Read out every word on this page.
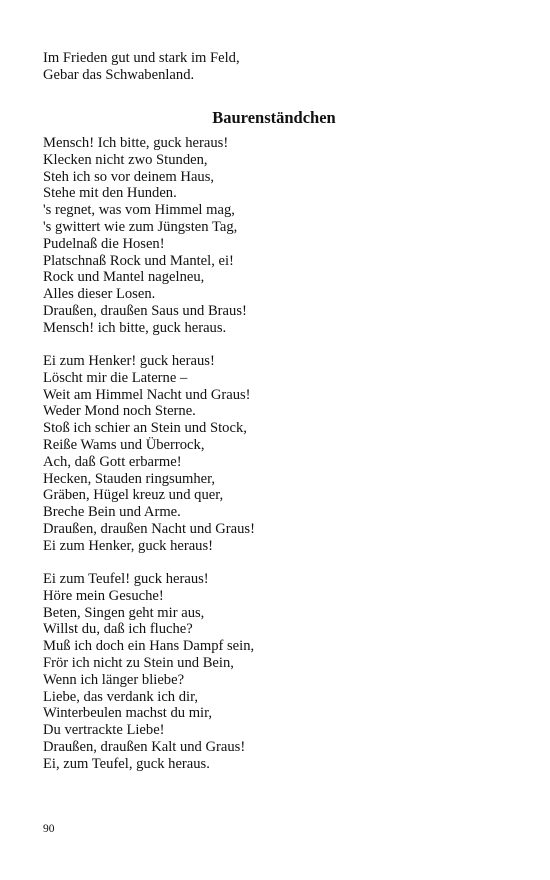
Im Frieden gut und stark im Feld,
Gebar das Schwabenland.
Baurenständchen
Mensch! Ich bitte, guck heraus!
Klecken nicht zwo Stunden,
Steh ich so vor deinem Haus,
Stehe mit den Hunden.
's regnet, was vom Himmel mag,
's gwittert wie zum Jüngsten Tag,
Pudelnaß die Hosen!
Platschnaß Rock und Mantel, ei!
Rock und Mantel nagelneu,
Alles dieser Losen.
Draußen, draußen Saus und Braus!
Mensch! ich bitte, guck heraus.
Ei zum Henker! guck heraus!
Löscht mir die Laterne –
Weit am Himmel Nacht und Graus!
Weder Mond noch Sterne.
Stoß ich schier an Stein und Stock,
Reiße Wams und Überrock,
Ach, daß Gott erbarme!
Hecken, Stauden ringsumher,
Gräben, Hügel kreuz und quer,
Breche Bein und Arme.
Draußen, draußen Nacht und Graus!
Ei zum Henker, guck heraus!
Ei zum Teufel! guck heraus!
Höre mein Gesuche!
Beten, Singen geht mir aus,
Willst du, daß ich fluche?
Muß ich doch ein Hans Dampf sein,
Frör ich nicht zu Stein und Bein,
Wenn ich länger bliebe?
Liebe, das verdank ich dir,
Winterbeulen machst du mir,
Du vertrackte Liebe!
Draußen, draußen Kalt und Graus!
Ei, zum Teufel, guck heraus.
90
